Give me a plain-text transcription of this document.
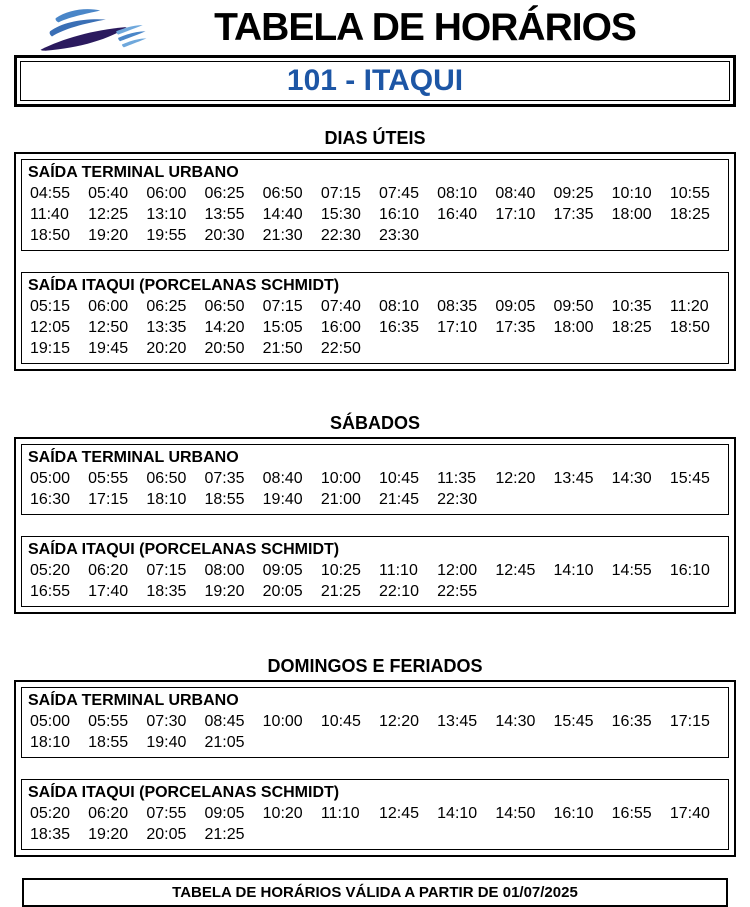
TABELA DE HORÁRIOS
101 - ITAQUI
DIAS ÚTEIS
SAÍDA TERMINAL URBANO
04:55	05:40	06:00	06:25	06:50	07:15	07:45	08:10	08:40	09:25	10:10	10:55
11:40	12:25	13:10	13:55	14:40	15:30	16:10	16:40	17:10	17:35	18:00	18:25
18:50	19:20	19:55	20:30	21:30	22:30	23:30
SAÍDA ITAQUI (PORCELANAS SCHMIDT)
05:15	06:00	06:25	06:50	07:15	07:40	08:10	08:35	09:05	09:50	10:35	11:20
12:05	12:50	13:35	14:20	15:05	16:00	16:35	17:10	17:35	18:00	18:25	18:50
19:15	19:45	20:20	20:50	21:50	22:50
SÁBADOS
SAÍDA TERMINAL URBANO
05:00	05:55	06:50	07:35	08:40	10:00	10:45	11:35	12:20	13:45	14:30	15:45
16:30	17:15	18:10	18:55	19:40	21:00	21:45	22:30
SAÍDA ITAQUI (PORCELANAS SCHMIDT)
05:20	06:20	07:15	08:00	09:05	10:25	11:10	12:00	12:45	14:10	14:55	16:10
16:55	17:40	18:35	19:20	20:05	21:25	22:10	22:55
DOMINGOS E FERIADOS
SAÍDA TERMINAL URBANO
05:00	05:55	07:30	08:45	10:00	10:45	12:20	13:45	14:30	15:45	16:35	17:15
18:10	18:55	19:40	21:05
SAÍDA ITAQUI (PORCELANAS SCHMIDT)
05:20	06:20	07:55	09:05	10:20	11:10	12:45	14:10	14:50	16:10	16:55	17:40
18:35	19:20	20:05	21:25
TABELA DE HORÁRIOS VÁLIDA A PARTIR DE 01/07/2025
